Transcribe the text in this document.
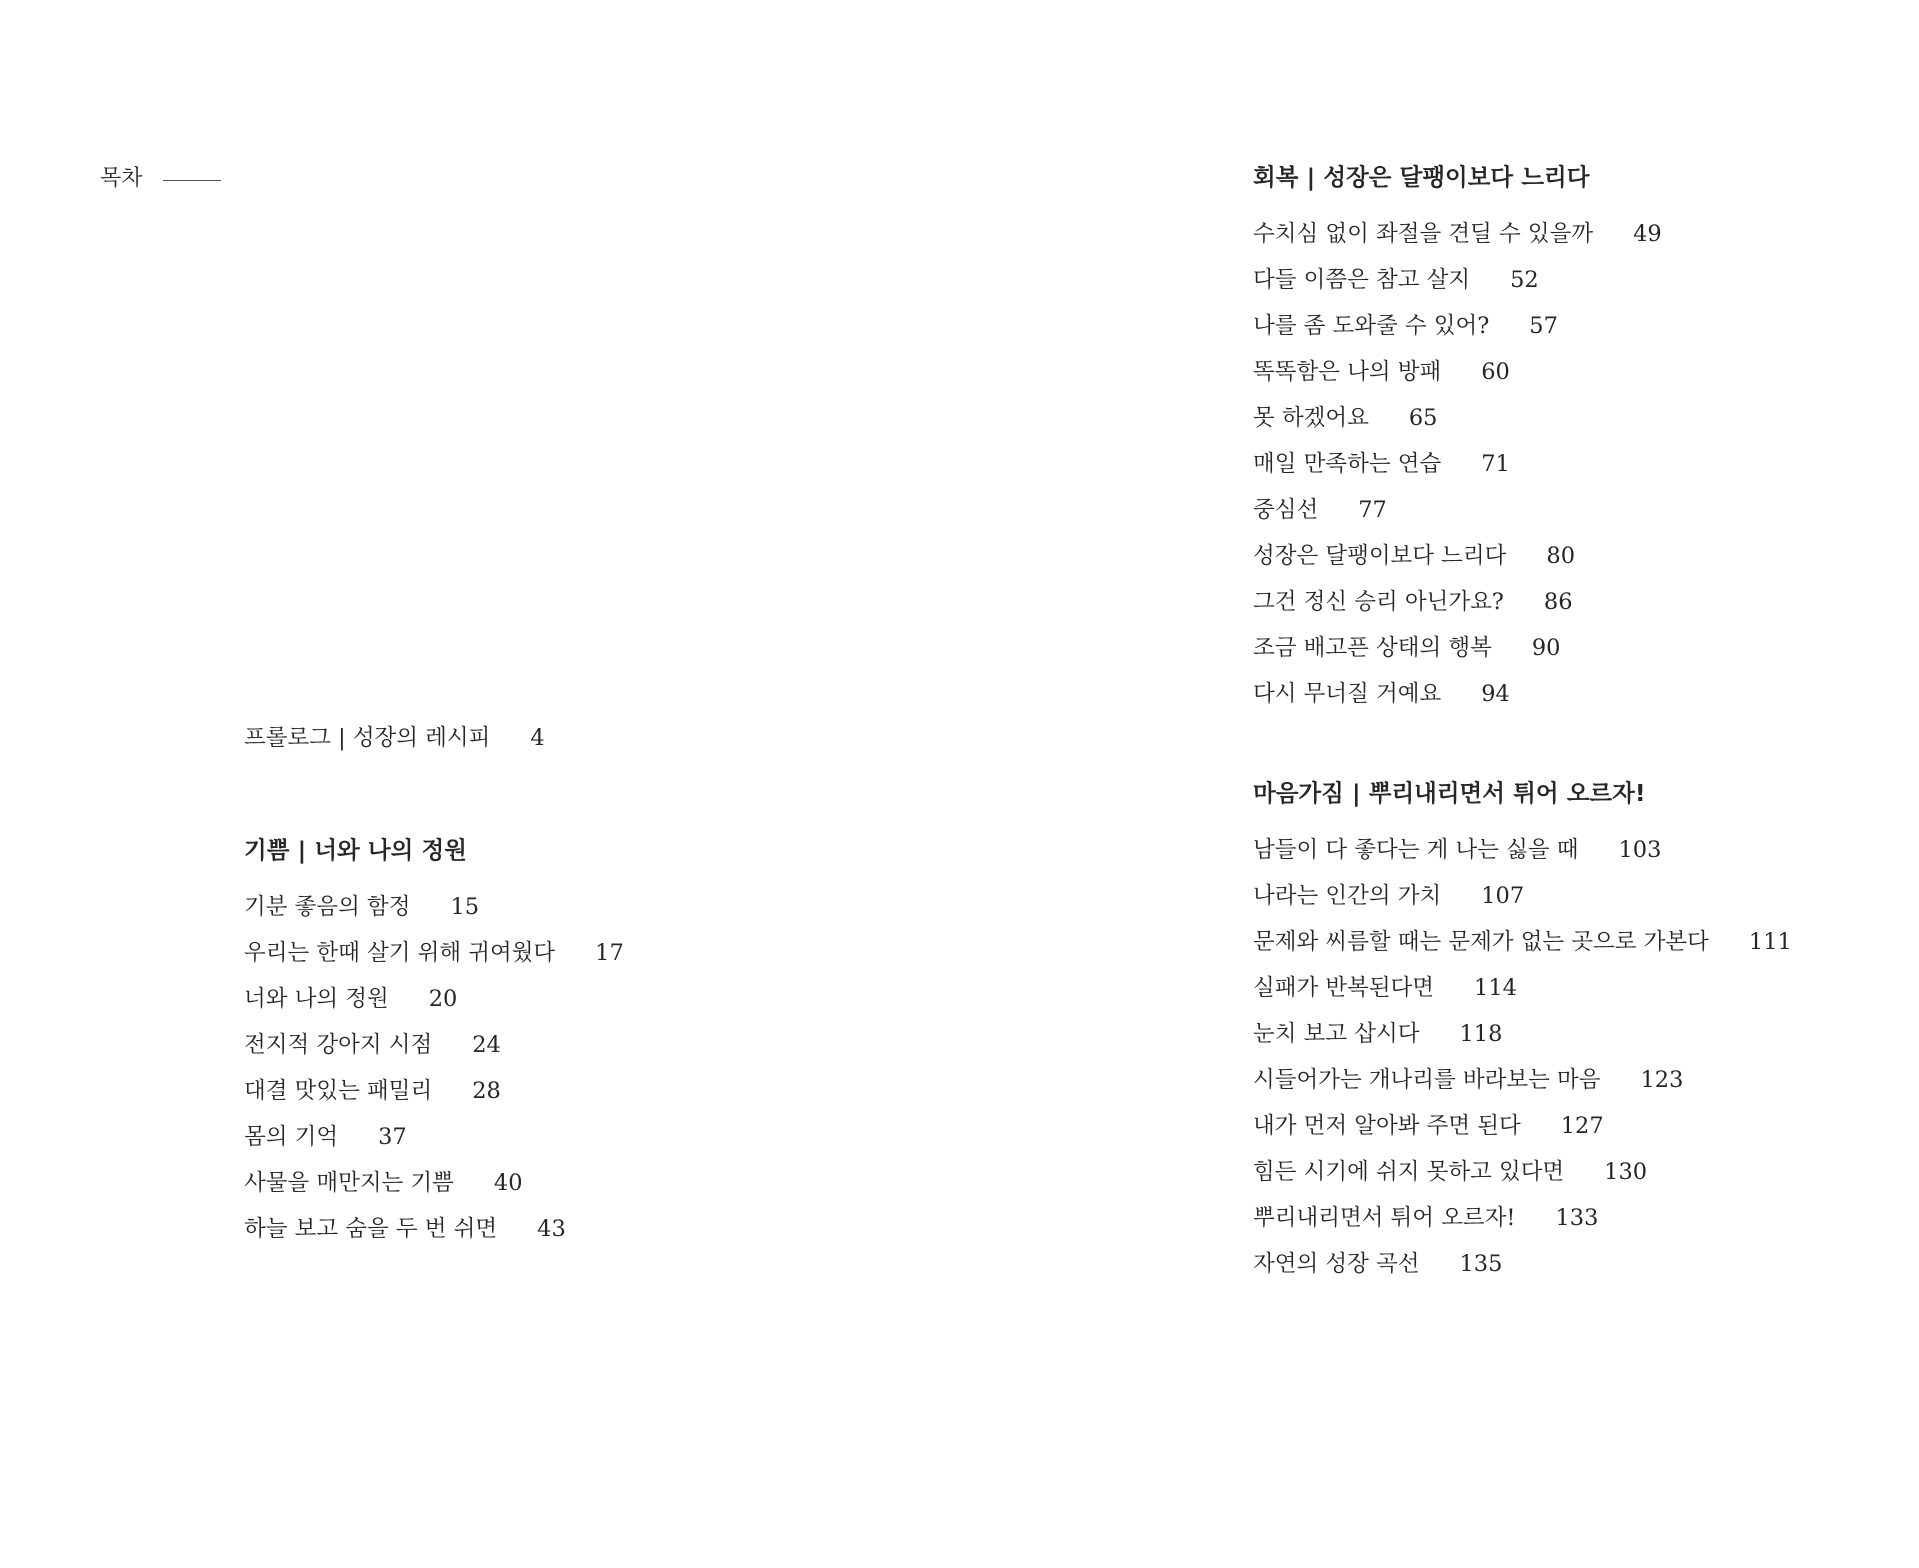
목차
프롤로그 | 성장의 레시피 4
기쁨 | 너와 나의 정원
기분 좋음의 함정 15
우리는 한때 살기 위해 귀여웠다 17
너와 나의 정원 20
전지적 강아지 시점 24
대결 맛있는 패밀리 28
몸의 기억 37
사물을 매만지는 기쁨 40
하늘 보고 숨을 두 번 쉬면 43
회복 | 성장은 달팽이보다 느리다
수치심 없이 좌절을 견딜 수 있을까 49
다들 이쯤은 참고 살지 52
나를 좀 도와줄 수 있어? 57
똑똑함은 나의 방패 60
못 하겠어요 65
매일 만족하는 연습 71
중심선 77
성장은 달팽이보다 느리다 80
그건 정신 승리 아닌가요? 86
조금 배고픈 상태의 행복 90
다시 무너질 거예요 94
마음가짐 | 뿌리내리면서 튀어 오르자!
남들이 다 좋다는 게 나는 싫을 때 103
나라는 인간의 가치 107
문제와 씨름할 때는 문제가 없는 곳으로 가본다 111
실패가 반복된다면 114
눈치 보고 삽시다 118
시들어가는 개나리를 바라보는 마음 123
내가 먼저 알아봐 주면 된다 127
힘든 시기에 쉬지 못하고 있다면 130
뿌리내리면서 튀어 오르자! 133
자연의 성장 곡선 135
